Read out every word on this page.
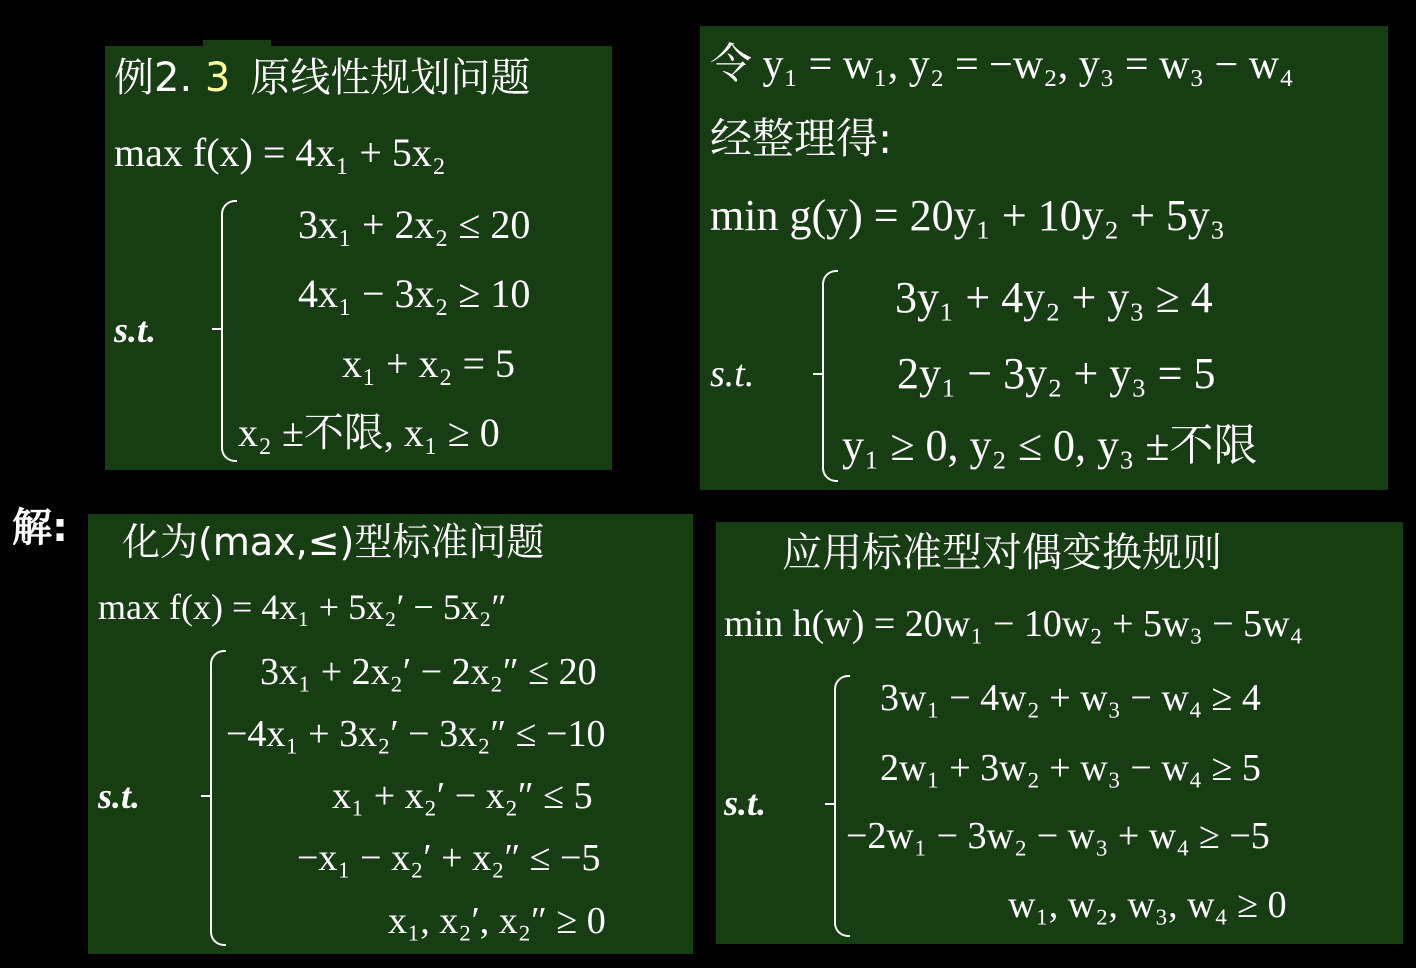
例2. 3 原线性规划问题
max f(x) = 4x₁ + 5x₂
s.t.
3x₁ + 2x₂ ≤ 20
4x₁ − 3x₂ ≥ 10
x₁ + x₂ = 5
x₂ ±不限, x₁ ≥ 0
令 y₁ = w₁, y₂ = −w₂, y₃ = w₃ − w₄
经整理得:
min g(y) = 20y₁ + 10y₂ + 5y₃
s.t.
3y₁ + 4y₂ + y₃ ≥ 4
2y₁ − 3y₂ + y₃ = 5
y₁ ≥ 0, y₂ ≤ 0, y₃ ±不限
解: 化为(max,≤)型标准问题
max f(x) = 4x₁ + 5x₂′ − 5x₂″
s.t.
3x₁ + 2x₂′ − 2x₂″ ≤ 20
−4x₁ + 3x₂′ − 3x₂″ ≤ −10
x₁ + x₂′ − x₂″ ≤ 5
−x₁ − x₂′ + x₂″ ≤ −5
x₁, x₂′, x₂″ ≥ 0
应用标准型对偶变换规则
min h(w) = 20w₁ − 10w₂ + 5w₃ − 5w₄
s.t.
3w₁ − 4w₂ + w₃ − w₄ ≥ 4
2w₁ + 3w₂ + w₃ − w₄ ≥ 5
−2w₁ − 3w₂ − w₃ + w₄ ≥ −5
w₁, w₂, w₃, w₄ ≥ 0
